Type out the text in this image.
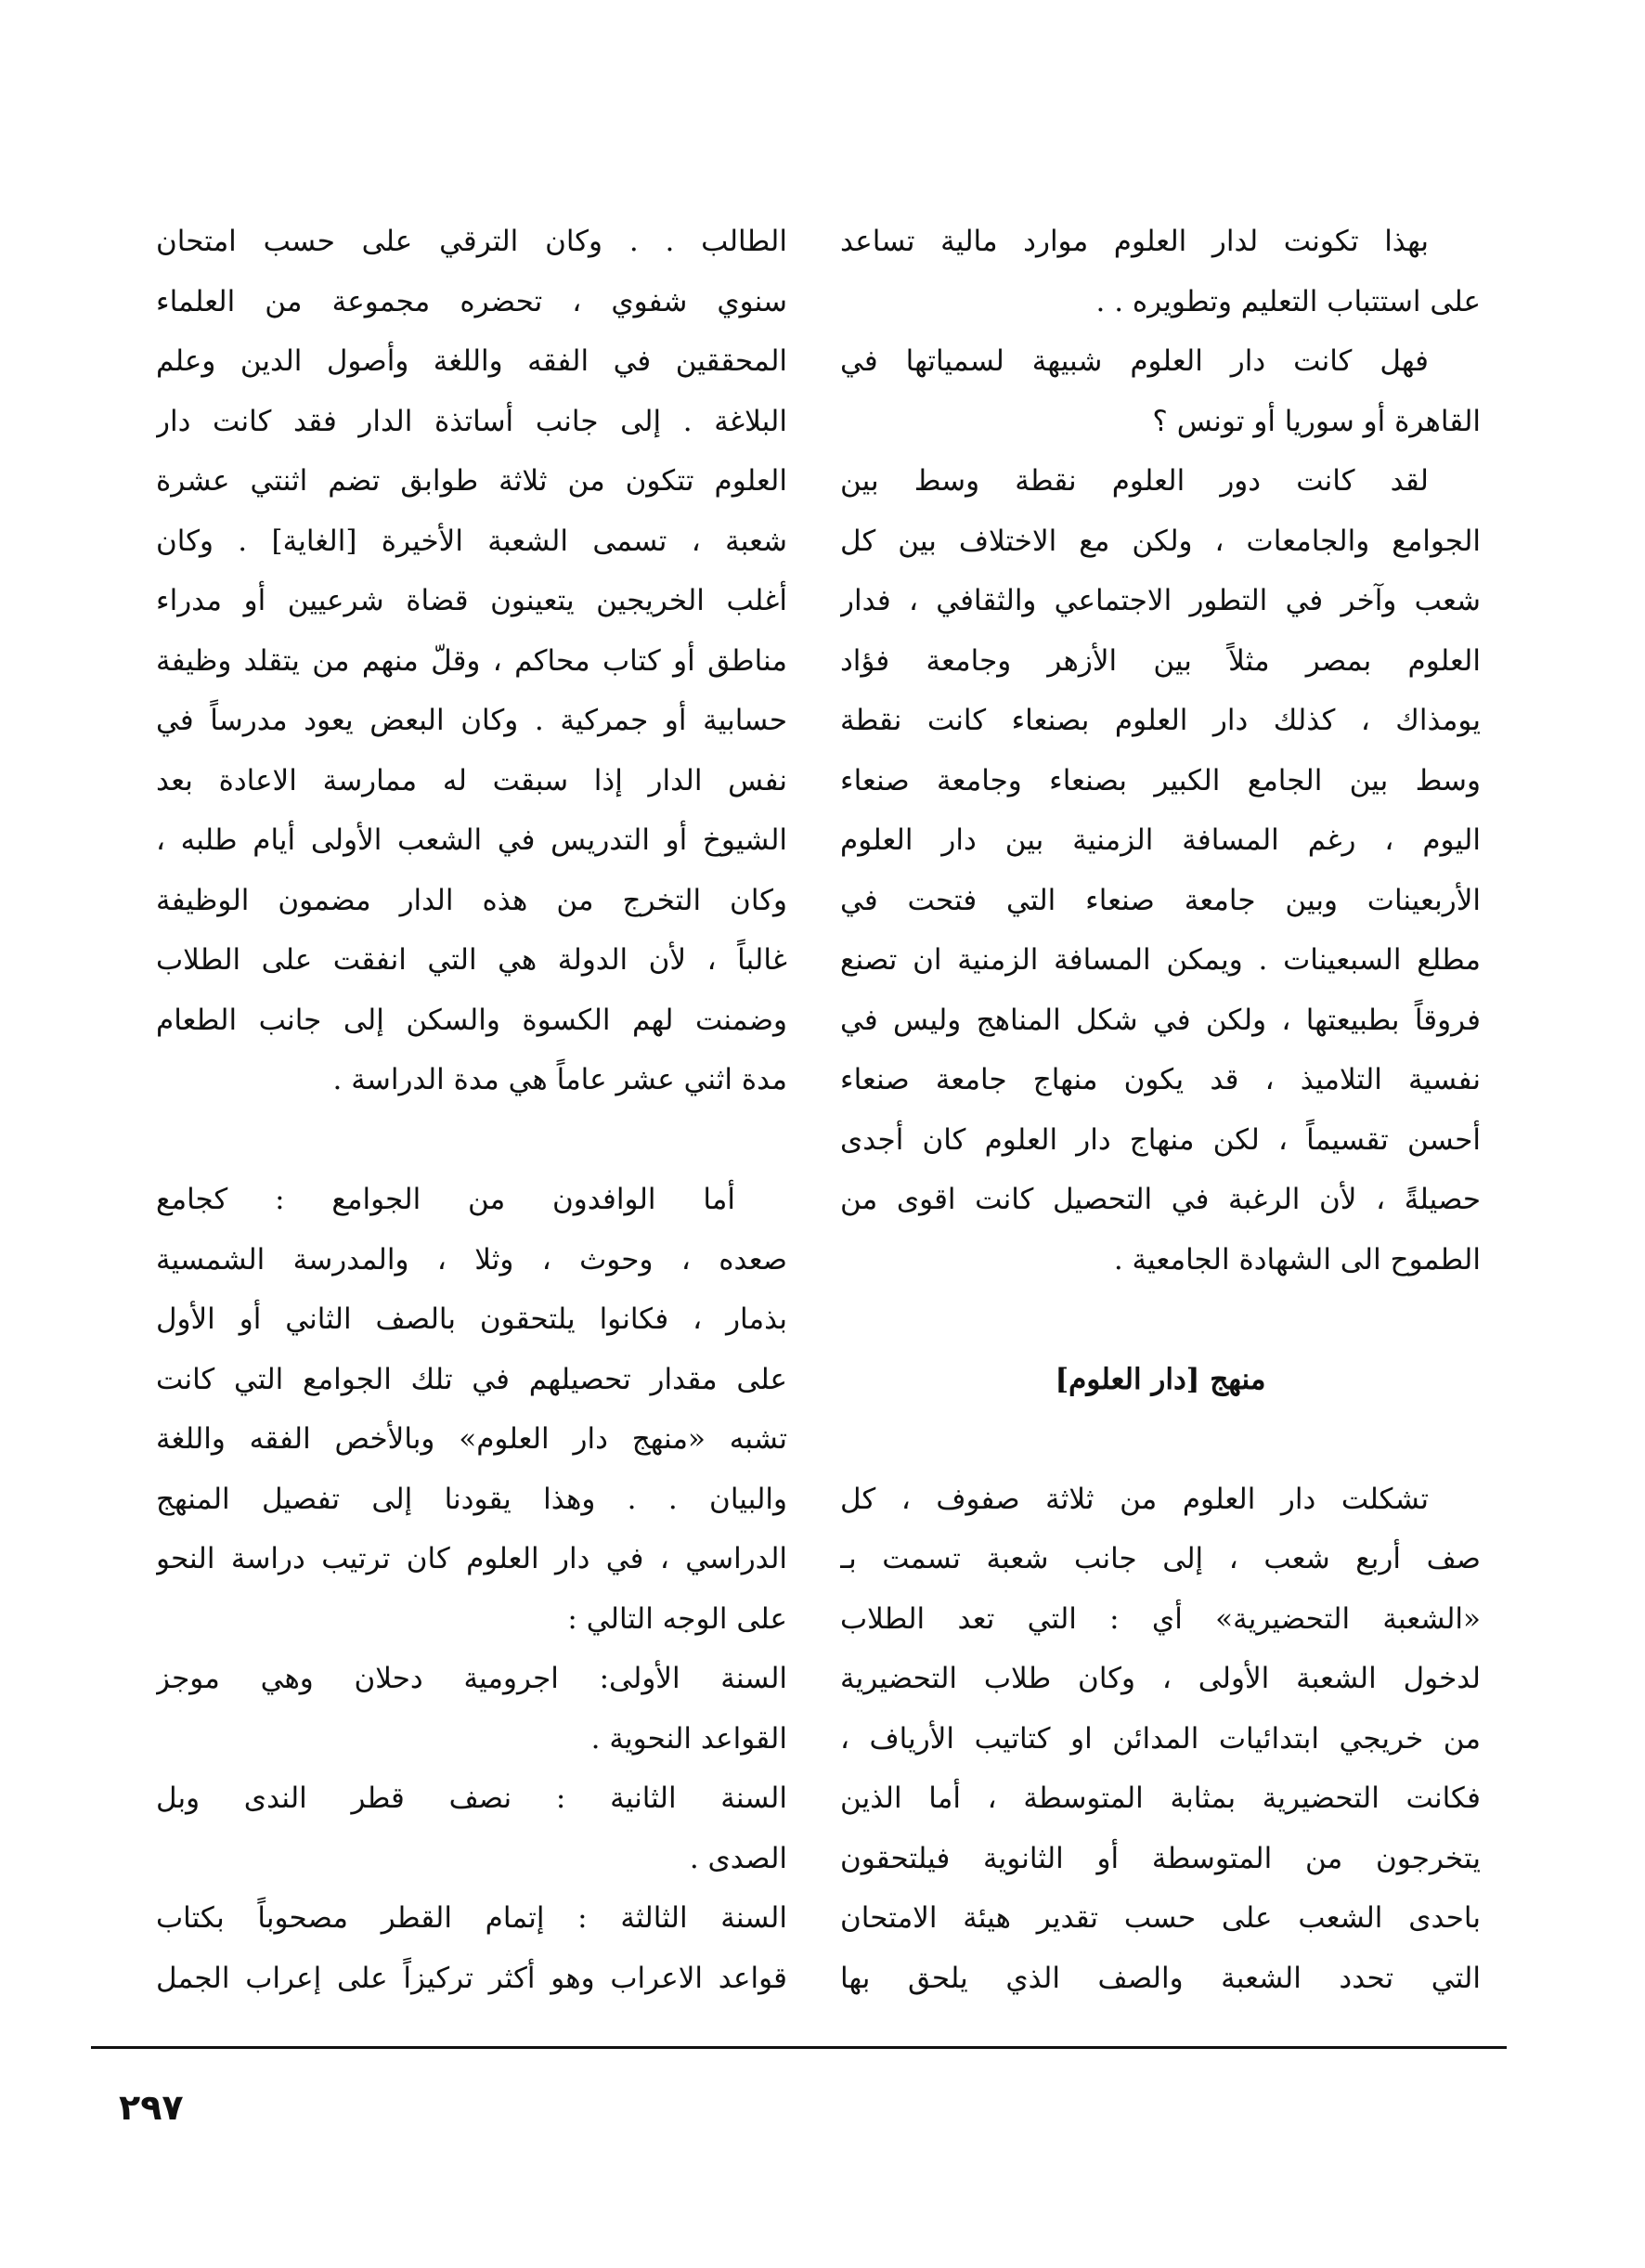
بهذا تكونت لدار العلوم موارد مالية تساعد
على استتباب التعليم وتطويره . .
فهل كانت دار العلوم شبيهة لسمياتها في
القاهرة أو سوريا أو تونس ؟
لقد كانت دور العلوم نقطة وسط بين
الجوامع والجامعات ، ولكن مع الاختلاف بين كل
شعب وآخر في التطور الاجتماعي والثقافي ، فدار
العلوم بمصر مثلاً بين الأزهر وجامعة فؤاد
يومذاك ، كذلك دار العلوم بصنعاء كانت نقطة
وسط بين الجامع الكبير بصنعاء وجامعة صنعاء
اليوم ، رغم المسافة الزمنية بين دار العلوم
الأربعينات وبين جامعة صنعاء التي فتحت في
مطلع السبعينات . ويمكن المسافة الزمنية ان تصنع
فروقاً بطبيعتها ، ولكن في شكل المناهج وليس في
نفسية التلاميذ ، قد يكون منهاج جامعة صنعاء
أحسن تقسيماً ، لكن منهاج دار العلوم كان أجدى
حصيلةً ، لأن الرغبة في التحصيل كانت اقوى من
الطموح الى الشهادة الجامعية .
منهج [دار العلوم]
تشكلت دار العلوم من ثلاثة صفوف ، كل
صف أربع شعب ، إلى جانب شعبة تسمت بـ
«الشعبة التحضيرية» أي : التي تعد الطلاب
لدخول الشعبة الأولى ، وكان طلاب التحضيرية
من خريجي ابتدائيات المدائن او كتاتيب الأرياف ،
فكانت التحضيرية بمثابة المتوسطة ، أما الذين
يتخرجون من المتوسطة أو الثانوية فيلتحقون
باحدى الشعب على حسب تقدير هيئة الامتحان
التي تحدد الشعبة والصف الذي يلحق بها
الطالب . . وكان الترقي على حسب امتحان
سنوي شفوي ، تحضره مجموعة من العلماء
المحققين في الفقه واللغة وأصول الدين وعلم
البلاغة . إلى جانب أساتذة الدار فقد كانت دار
العلوم تتكون من ثلاثة طوابق تضم اثنتي عشرة
شعبة ، تسمى الشعبة الأخيرة [الغاية] . وكان
أغلب الخريجين يتعينون قضاة شرعيين أو مدراء
مناطق أو كتاب محاكم ، وقلّ منهم من يتقلد وظيفة
حسابية أو جمركية . وكان البعض يعود مدرساً في
نفس الدار إذا سبقت له ممارسة الاعادة بعد
الشيوخ أو التدريس في الشعب الأولى أيام طلبه ،
وكان التخرج من هذه الدار مضمون الوظيفة
غالباً ، لأن الدولة هي التي انفقت على الطلاب
وضمنت لهم الكسوة والسكن إلى جانب الطعام
مدة اثني عشر عاماً هي مدة الدراسة .
أما الوافدون من الجوامع : كجامع
صعده ، وحوث ، وثلا ، والمدرسة الشمسية
بذمار ، فكانوا يلتحقون بالصف الثاني أو الأول
على مقدار تحصيلهم في تلك الجوامع التي كانت
تشبه «منهج دار العلوم» وبالأخص الفقه واللغة
والبيان . . وهذا يقودنا إلى تفصيل المنهج
الدراسي ، في دار العلوم كان ترتيب دراسة النحو
على الوجه التالي :
السنة الأولى: اجرومية دحلان وهي موجز
القواعد النحوية .
السنة الثانية : نصف قطر الندى وبل
الصدى .
السنة الثالثة : إتمام القطر مصحوباً بكتاب
قواعد الاعراب وهو أكثر تركيزاً على إعراب الجمل
٢٩٧
